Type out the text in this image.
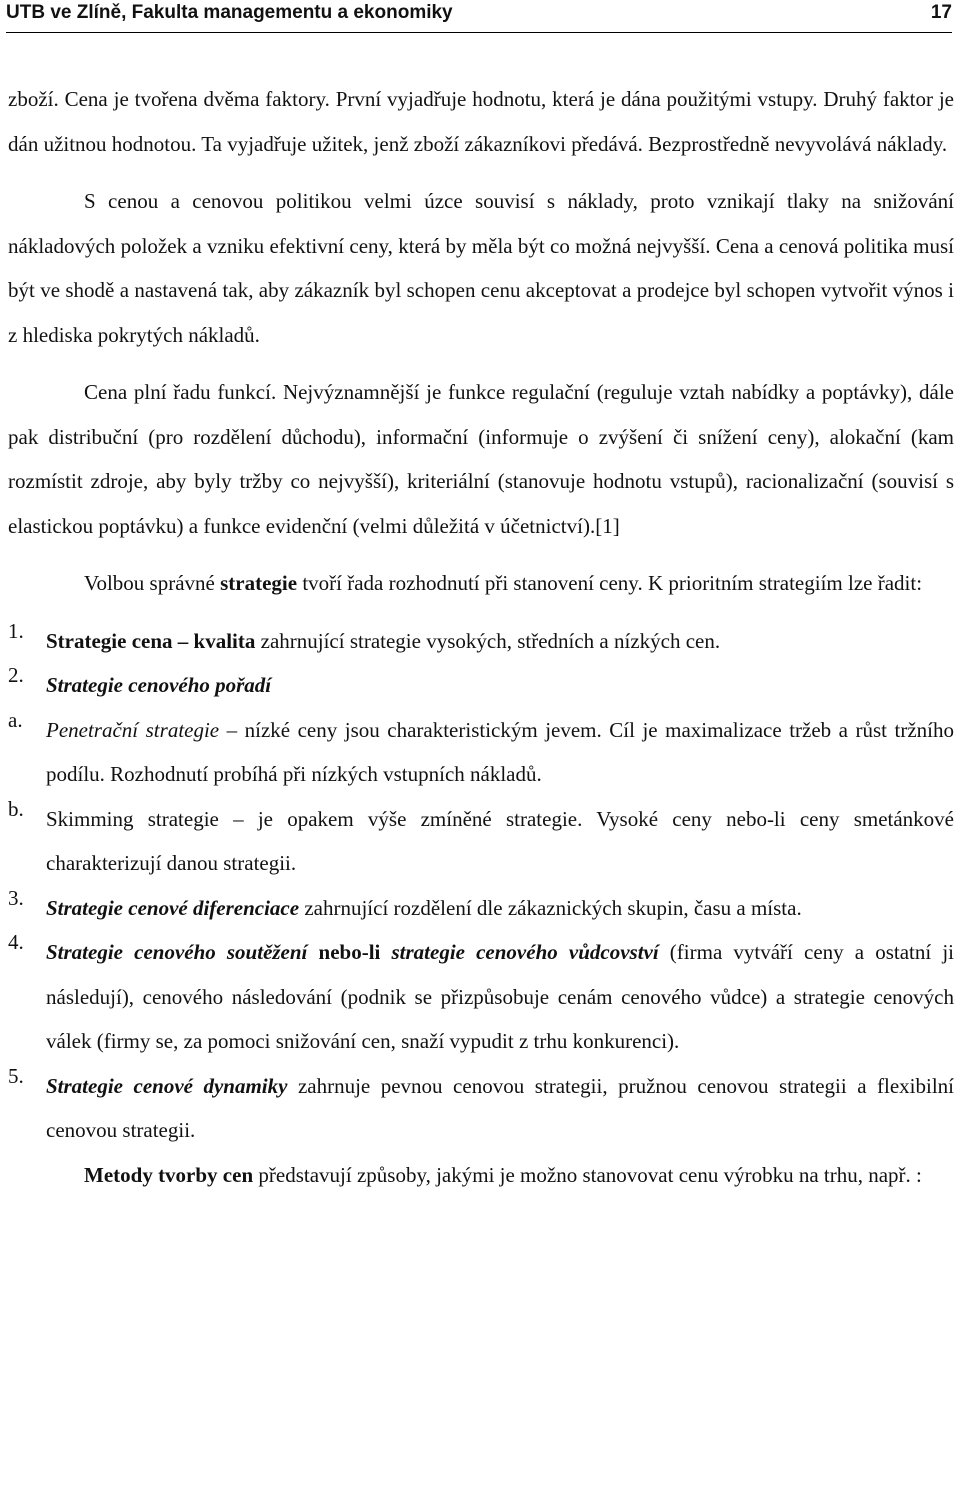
UTB ve Zlíně, Fakulta managementu a ekonomiky	17

zboží. Cena je tvořena dvěma faktory. První vyjadřuje hodnotu, která je dána použitými vstupy. Druhý faktor je dán užitnou hodnotou. Ta vyjadřuje užitek, jenž zboží zákazníkovi předává. Bezprostředně nevyvolává náklady.

S cenou a cenovou politikou velmi úzce souvisí s náklady, proto vznikají tlaky na snižování nákladových položek a vzniku efektivní ceny, která by měla být co možná nejvyšší. Cena a cenová politika musí být ve shodě a nastavená tak, aby zákazník byl schopen cenu akceptovat a prodejce byl schopen vytvořit výnos i z hlediska pokrytých nákladů.

Cena plní řadu funkcí. Nejvýznamnější je funkce regulační (reguluje vztah nabídky a poptávky), dále pak distribuční (pro rozdělení důchodu), informační (informuje o zvýšení či snížení ceny), alokační (kam rozmístit zdroje, aby byly tržby co nejvyšší), kriteriální (stanovuje hodnotu vstupů), racionalizační (souvisí s elastickou poptávku) a funkce evidenční (velmi důležitá v účetnictví).[1]

Volbou správné strategie tvoří řada rozhodnutí při stanovení ceny. K prioritním strategiím lze řadit:

1.	Strategie cena – kvalita zahrnující strategie vysokých, středních a nízkých cen.

2.	Strategie cenového pořadí

a.	Penetrační strategie – nízké ceny jsou charakteristickým jevem. Cíl je maximalizace tržeb a růst tržního podílu. Rozhodnutí probíhá při nízkých vstupních nákladů.

b.	Skimming strategie – je opakem výše zmíněné strategie. Vysoké ceny nebo-li ceny smetánkové charakterizují danou strategii.

3.	Strategie cenové diferenciace zahrnující rozdělení dle zákaznických skupin, času a místa.

4.	Strategie cenového soutěžení nebo-li strategie cenového vůdcovství (firma vytváří ceny a ostatní ji následují), cenového následování (podnik se přizpůsobuje cenám cenového vůdce) a strategie cenových válek (firmy se, za pomoci snižování cen, snaží vypudit z trhu konkurenci).

5.	Strategie cenové dynamiky zahrnuje pevnou cenovou strategii, pružnou cenovou strategii a flexibilní cenovou strategii.

Metody tvorby cen představují způsoby, jakými je možno stanovovat cenu výrobku na trhu, např. :
